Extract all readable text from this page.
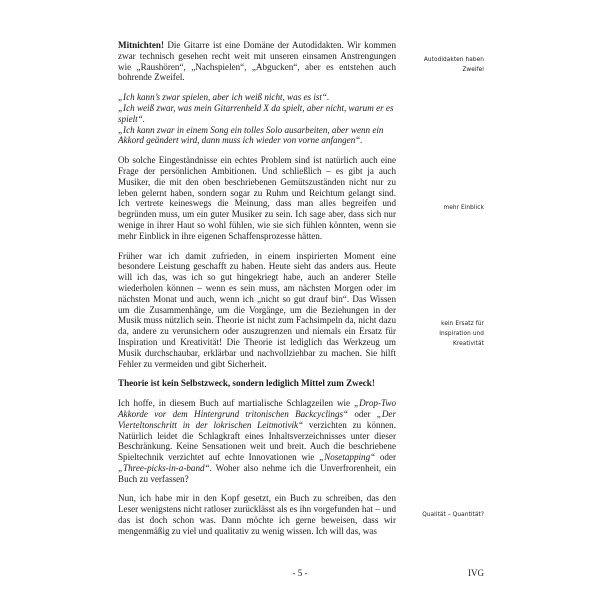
Mitnichten! Die Gitarre ist eine Domäne der Autodidakten. Wir kommen zwar technisch gesehen recht weit mit unseren einsamen Anstrengungen wie „Raushören“, „Nachspielen“, „Abgucken“, aber es entstehen auch bohrende Zweifel.

„Ich kann’s zwar spielen, aber ich weiß nicht, was es ist“.

„Ich weiß zwar, was mein Gitarrenheld X da spielt, aber nicht, warum er es spielt“.

„Ich kann zwar in einem Song ein tolles Solo ausarbeiten, aber wenn ein Akkord geändert wird, dann muss ich wieder von vorne anfangen“.

Ob solche Eingeständnisse ein echtes Problem sind ist natürlich auch eine Frage der persönlichen Ambitionen. Und schließlich – es gibt ja auch Musiker, die mit den oben beschriebenen Gemütszuständen nicht nur zu leben gelernt haben, sondern sogar zu Ruhm und Reichtum gelangt sind. Ich vertrete keineswegs die Meinung, dass man alles begreifen und begründen muss, um ein guter Musiker zu sein. Ich sage aber, dass sich nur wenige in ihrer Haut so wohl fühlen, wie sie sich fühlen könnten, wenn sie mehr Einblick in ihre eigenen Schaffensprozesse hätten.

Früher war ich damit zufrieden, in einem inspirierten Moment eine besondere Leistung geschafft zu haben. Heute sieht das anders aus. Heute will ich das, was ich so gut hingekriegt habe, auch an anderer Stelle wiederholen können – wenn es sein muss, am nächsten Morgen oder im nächsten Monat und auch, wenn ich „nicht so gut drauf bin“. Das Wissen um die Zusammenhänge, um die Vorgänge, um die Beziehungen in der Musik muss nützlich sein. Theorie ist nicht zum Fachsimpeln da, nicht dazu da, andere zu verunsichern oder auszugrenzen und niemals ein Ersatz für Inspiration und Kreativität! Die Theorie ist lediglich das Werkzeug um Musik durchschaubar, erklärbar und nachvollziehbar zu machen. Sie hilft Fehler zu vermeiden und gibt Sicherheit.

Theorie ist kein Selbstzweck, sondern lediglich Mittel zum Zweck!

Ich hoffe, in diesem Buch auf martialische Schlagzeilen wie „Drop-Two Akkorde vor dem Hintergrund tritonischen Backcyclings“ oder „Der Vierteltonschritt in der lokrischen Leitmotivik“ verzichten zu können. Natürlich leidet die Schlagkraft eines Inhaltsverzeichnisses unter dieser Beschränkung. Keine Sensationen weit und breit. Auch die beschriebene Spieltechnik verzichtet auf echte Innovationen wie „Nosetapping“ oder „Three-picks-in-a-band“. Woher also nehme ich die Unverfrorenheit, ein Buch zu verfassen?

Nun, ich habe mir in den Kopf gesetzt, ein Buch zu schreiben, das den Leser wenigstens nicht ratloser zurücklässt als es ihn vorgefunden hat – und das ist doch schon was. Dann möchte ich gerne beweisen, dass wir mengenmäßig zu viel und qualitativ zu wenig wissen. Ich will das, was

Autodidakten haben
Zweifel
mehr Einblick
kein Ersatz für
Inspiration und
Kreativität
Qualität – Quantität?
- 5 -	IVG
